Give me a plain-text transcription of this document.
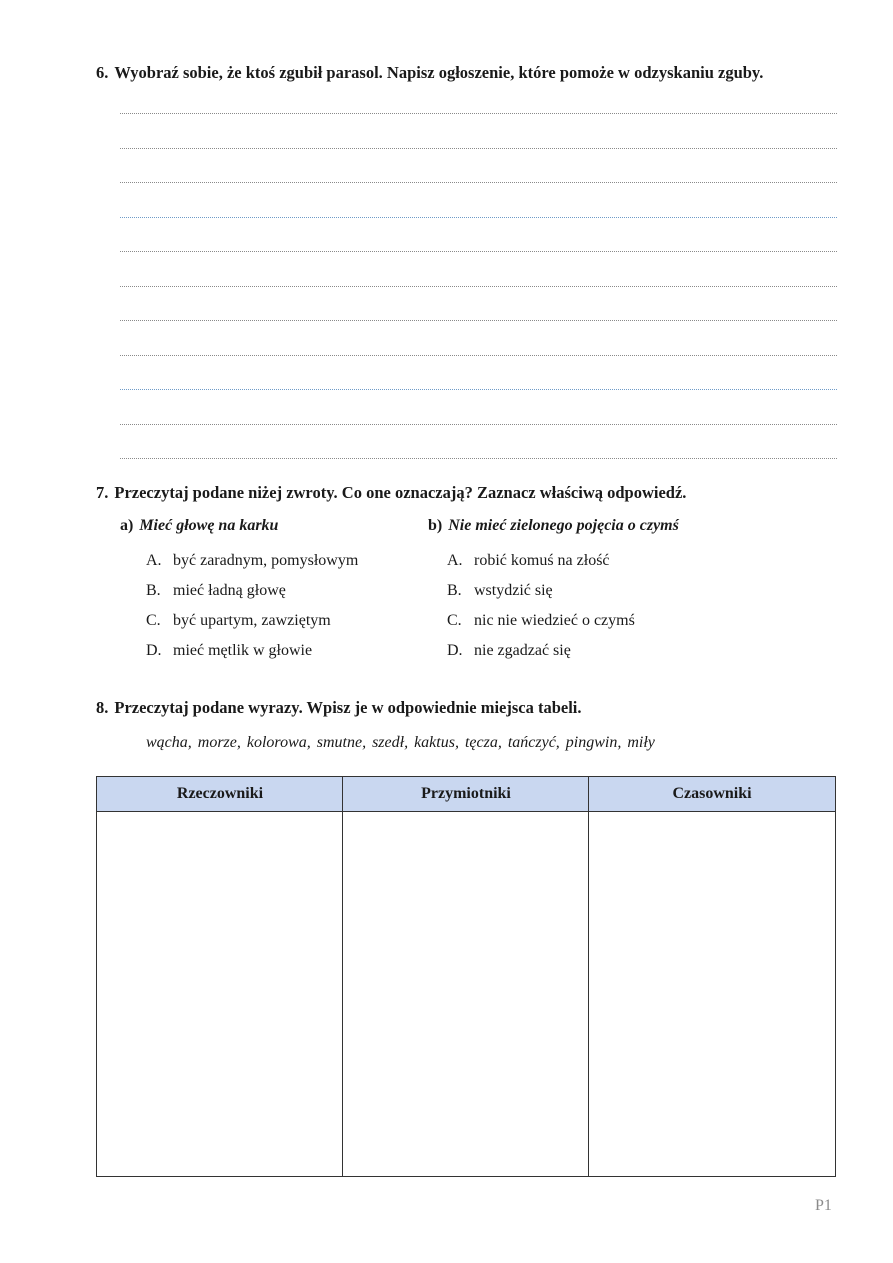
6. Wyobraź sobie, że ktoś zgubił parasol. Napisz ogłoszenie, które pomoże w odzyskaniu zguby.
7. Przeczytaj podane niżej zwroty. Co one oznaczają? Zaznacz właściwą odpowiedź.
a) Mieć głowę na karku	b) Nie mieć zielonego pojęcia o czymś
A. być zaradnym, pomysłowym
B. mieć ładną głowę
C. być upartym, zawziętym
D. mieć mętlik w głowie
A. robić komuś na złość
B. wstydzić się
C. nic nie wiedzieć o czymś
D. nie zgadzać się
8. Przeczytaj podane wyrazy. Wpisz je w odpowiednie miejsca tabeli.
wącha, morze, kolorowa, smutne, szedł, kaktus, tęcza, tańczyć, pingwin, miły
Rzeczowniki	Przymiotniki	Czasowniki
P1
